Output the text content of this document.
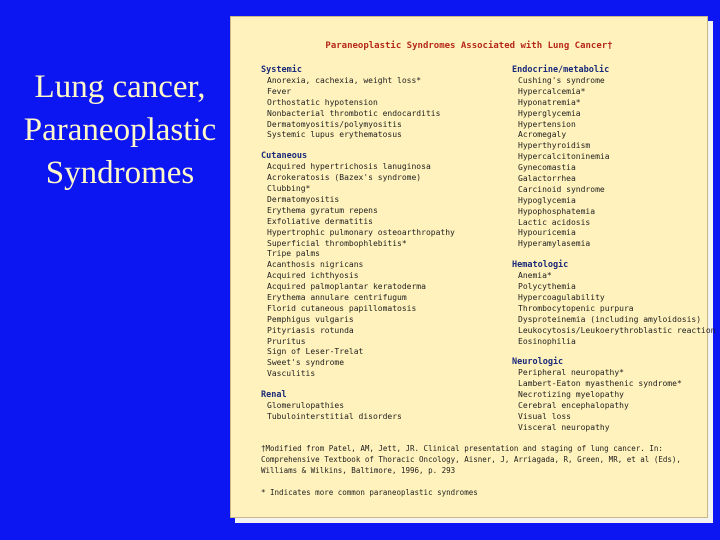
Lung cancer,
Paraneoplastic
Syndromes
Paraneoplastic Syndromes Associated with Lung Cancer†
Systemic
Anorexia, cachexia, weight loss*
Fever
Orthostatic hypotension
Nonbacterial thrombotic endocarditis
Dermatomyositis/polymyositis
Systemic lupus erythematosus
Cutaneous
Acquired hypertrichosis lanuginosa
Acrokeratosis (Bazex's syndrome)
Clubbing*
Dermatomyositis
Erythema gyratum repens
Exfoliative dermatitis
Hypertrophic pulmonary osteoarthropathy
Superficial thrombophlebitis*
Tripe palms
Acanthosis nigricans
Acquired ichthyosis
Acquired palmoplantar keratoderma
Erythema annulare centrifugum
Florid cutaneous papillomatosis
Pemphigus vulgaris
Pityriasis rotunda
Pruritus
Sign of Leser-Trelat
Sweet's syndrome
Vasculitis
Renal
Glomerulopathies
Tubulointerstitial disorders
Endocrine/metabolic
Cushing's syndrome
Hypercalcemia*
Hyponatremia*
Hyperglycemia
Hypertension
Acromegaly
Hyperthyroidism
Hypercalcitoninemia
Gynecomastia
Galactorrhea
Carcinoid syndrome
Hypoglycemia
Hypophosphatemia
Lactic acidosis
Hypouricemia
Hyperamylasemia
Hematologic
Anemia*
Polycythemia
Hypercoagulability
Thrombocytopenic purpura
Dysproteinemia (including amyloidosis)
Leukocytosis/Leukoerythroblastic reaction
Eosinophilia
Neurologic
Peripheral neuropathy*
Lambert-Eaton myasthenic syndrome*
Necrotizing myelopathy
Cerebral encephalopathy
Visual loss
Visceral neuropathy
†Modified from Patel, AM, Jett, JR. Clinical presentation and staging of lung cancer. In: Comprehensive Textbook of Thoracic Oncology, Aisner, J, Arriagada, R, Green, MR, et al (Eds), Williams & Wilkins, Baltimore, 1996, p. 293
* Indicates more common paraneoplastic syndromes
